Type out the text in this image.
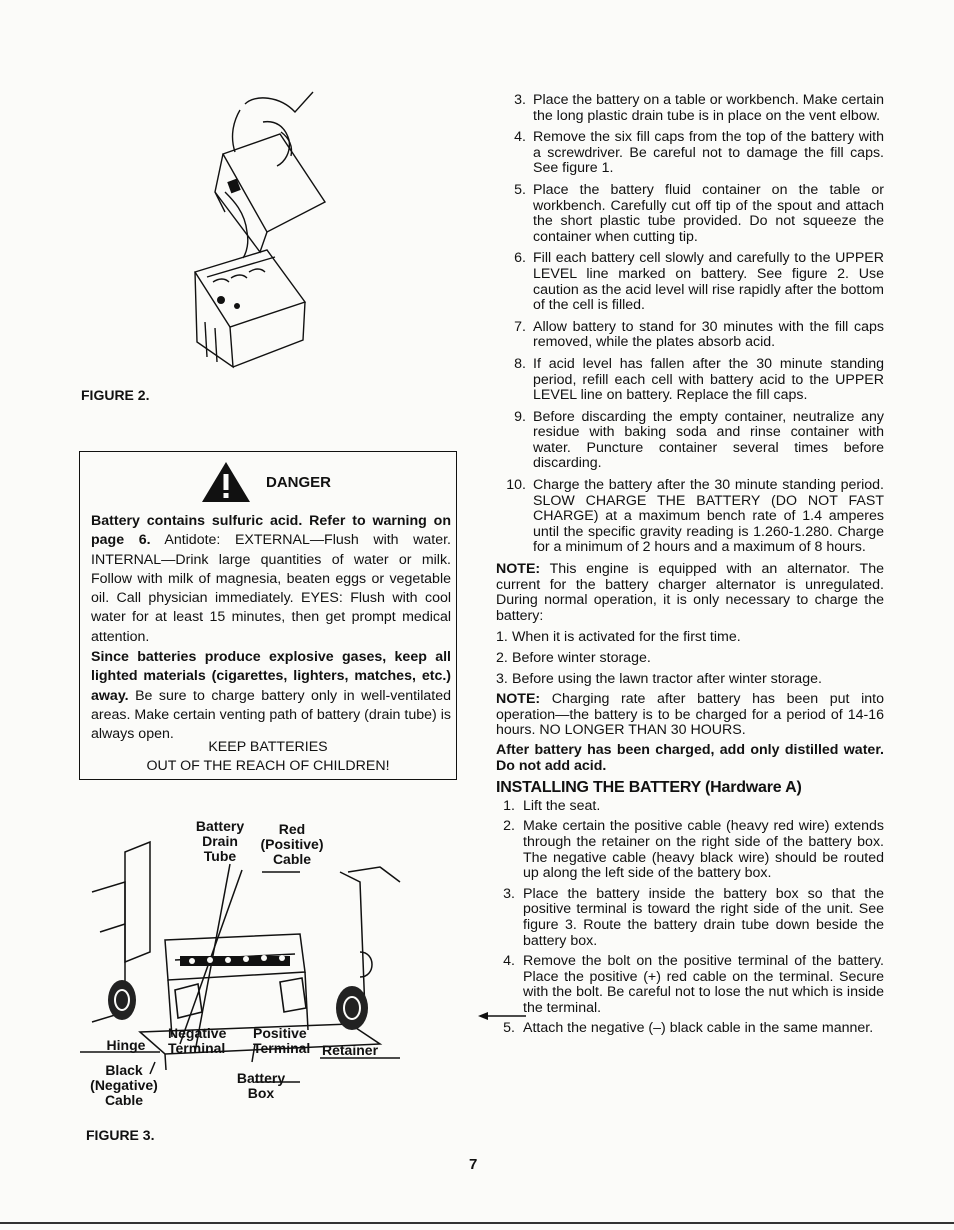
FIGURE 2.
DANGER
Battery contains sulfuric acid. Refer to warning on page 6. Antidote: EXTERNAL—Flush with water. INTERNAL—Drink large quantities of water or milk. Follow with milk of magnesia, beaten eggs or vegetable oil. Call physician immediately. EYES: Flush with cool water for at least 15 minutes, then get prompt medical attention.
Since batteries produce explosive gases, keep all lighted materials (cigarettes, lighters, matches, etc.) away. Be sure to charge battery only in well-ventilated areas. Make certain venting path of battery (drain tube) is always open.
KEEP BATTERIES
OUT OF THE REACH OF CHILDREN!
Battery Drain Tube
Red (Positive) Cable
Hinge
Negative Terminal
Positive Terminal Retainer
Black (Negative) Cable
Battery Box
FIGURE 3.
3. Place the battery on a table or workbench. Make certain the long plastic drain tube is in place on the vent elbow.
4. Remove the six fill caps from the top of the battery with a screwdriver. Be careful not to damage the fill caps. See figure 1.
5. Place the battery fluid container on the table or workbench. Carefully cut off tip of the spout and attach the short plastic tube provided. Do not squeeze the container when cutting tip.
6. Fill each battery cell slowly and carefully to the UPPER LEVEL line marked on battery. See figure 2. Use caution as the acid level will rise rapidly after the bottom of the cell is filled.
7. Allow battery to stand for 30 minutes with the fill caps removed, while the plates absorb acid.
8. If acid level has fallen after the 30 minute standing period, refill each cell with battery acid to the UPPER LEVEL line on battery. Replace the fill caps.
9. Before discarding the empty container, neutralize any residue with baking soda and rinse container with water. Puncture container several times before discarding.
10. Charge the battery after the 30 minute standing period. SLOW CHARGE THE BATTERY (DO NOT FAST CHARGE) at a maximum bench rate of 1.4 amperes until the specific gravity reading is 1.260-1.280. Charge for a minimum of 2 hours and a maximum of 8 hours.

NOTE: This engine is equipped with an alternator. The current for the battery charger alternator is unregulated. During normal operation, it is only necessary to charge the battery:

1. When it is activated for the first time.
2. Before winter storage.
3. Before using the lawn tractor after winter storage.

NOTE: Charging rate after battery has been put into operation—the battery is to be charged for a period of 14-16 hours. NO LONGER THAN 30 HOURS.

After battery has been charged, add only distilled water. Do not add acid.

INSTALLING THE BATTERY (Hardware A)
1. Lift the seat.
2. Make certain the positive cable (heavy red wire) extends through the retainer on the right side of the battery box. The negative cable (heavy black wire) should be routed up along the left side of the battery box.
3. Place the battery inside the battery box so that the positive terminal is toward the right side of the unit. See figure 3. Route the battery drain tube down beside the battery box.
4. Remove the bolt on the positive terminal of the battery. Place the positive (+) red cable on the terminal. Secure with the bolt. Be careful not to lose the nut which is inside the terminal.
5. Attach the negative (–) black cable in the same manner.
7
